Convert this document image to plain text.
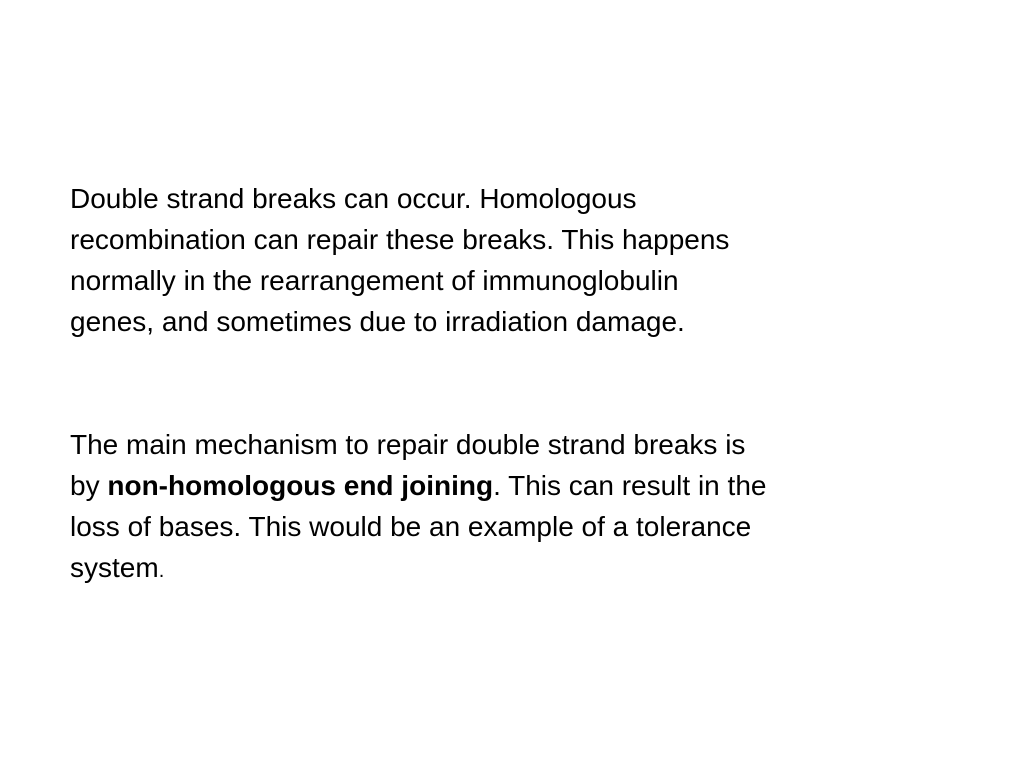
Double strand breaks can occur. Homologous
recombination can repair these breaks. This happens
normally in the rearrangement of immunoglobulin
genes, and sometimes due to irradiation damage.

The main mechanism to repair double strand breaks is
by non-homologous end joining. This can result in the
loss of bases. This would be an example of a tolerance
system.
